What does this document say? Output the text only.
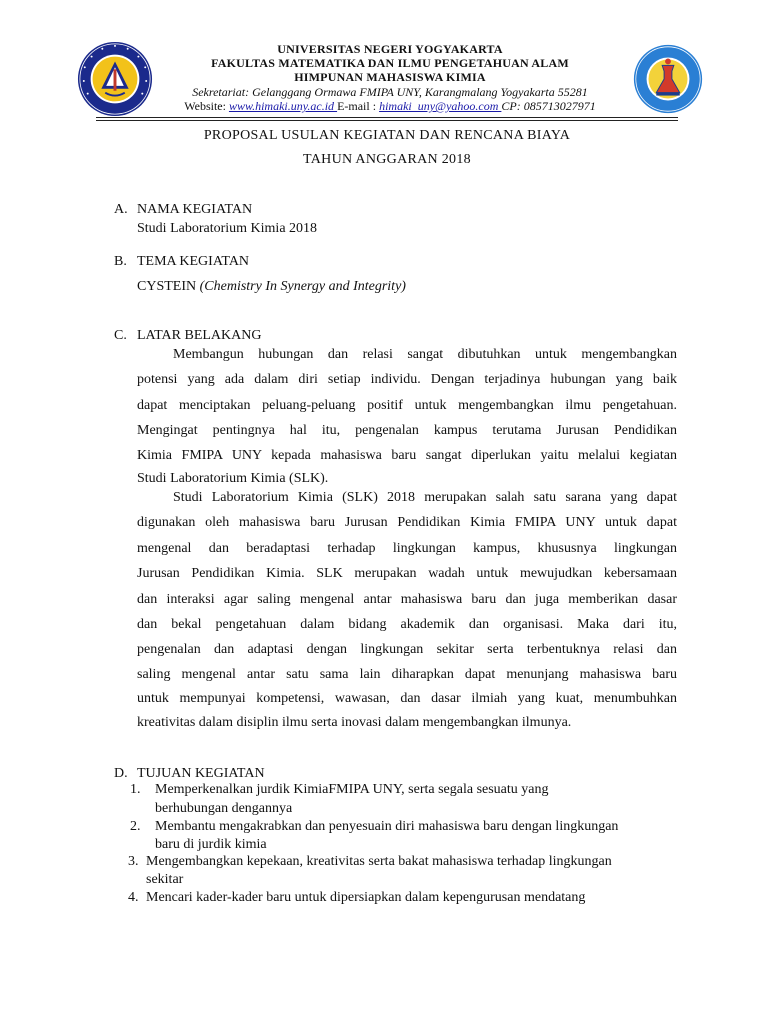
UNIVERSITAS NEGERI YOGYAKARTA
FAKULTAS MATEMATIKA DAN ILMU PENGETAHUAN ALAM
HIMPUNAN MAHASISWA KIMIA
Sekretariat: Gelanggang Ormawa FMIPA UNY, Karangmalang Yogyakarta 55281
Website: www.himaki.uny.ac.id E-mail : himaki_uny@yahoo.com CP: 085713027971
PROPOSAL USULAN KEGIATAN DAN RENCANA BIAYA
TAHUN ANGGARAN 2018
A. NAMA KEGIATAN
Studi Laboratorium Kimia 2018
B. TEMA KEGIATAN
CYSTEIN (Chemistry In Synergy and Integrity)
C. LATAR BELAKANG
Membangun hubungan dan relasi sangat dibutuhkan untuk mengembangkan
potensi yang ada dalam diri setiap individu. Dengan terjadinya hubungan yang baik
dapat menciptakan peluang-peluang positif untuk mengembangkan ilmu pengetahuan.
Mengingat pentingnya hal itu, pengenalan kampus terutama Jurusan Pendidikan
Kimia FMIPA UNY kepada mahasiswa baru sangat diperlukan yaitu melalui kegiatan
Studi Laboratorium Kimia (SLK).
Studi Laboratorium Kimia (SLK) 2018 merupakan salah satu sarana yang dapat
digunakan oleh mahasiswa baru Jurusan Pendidikan Kimia FMIPA UNY untuk dapat
mengenal dan beradaptasi terhadap lingkungan kampus, khususnya lingkungan
Jurusan Pendidikan Kimia. SLK merupakan wadah untuk mewujudkan kebersamaan
dan interaksi agar saling mengenal antar mahasiswa baru dan juga memberikan dasar
dan bekal pengetahuan dalam bidang akademik dan organisasi. Maka dari itu,
pengenalan dan adaptasi dengan lingkungan sekitar serta terbentuknya relasi dan
saling mengenal antar satu sama lain diharapkan dapat menunjang mahasiswa baru
untuk mempunyai kompetensi, wawasan, dan dasar ilmiah yang kuat, menumbuhkan
kreativitas dalam disiplin ilmu serta inovasi dalam mengembangkan ilmunya.
D. TUJUAN KEGIATAN
1. Memperkenalkan jurdik KimiaFMIPA UNY, serta segala sesuatu yang
berhubungan dengannya
2. Membantu mengakrabkan dan penyesuain diri mahasiswa baru dengan lingkungan
baru di jurdik kimia
3. Mengembangkan kepekaan, kreativitas serta bakat mahasiswa terhadap lingkungan
sekitar
4. Mencari kader-kader baru untuk dipersiapkan dalam kepengurusan mendatang
